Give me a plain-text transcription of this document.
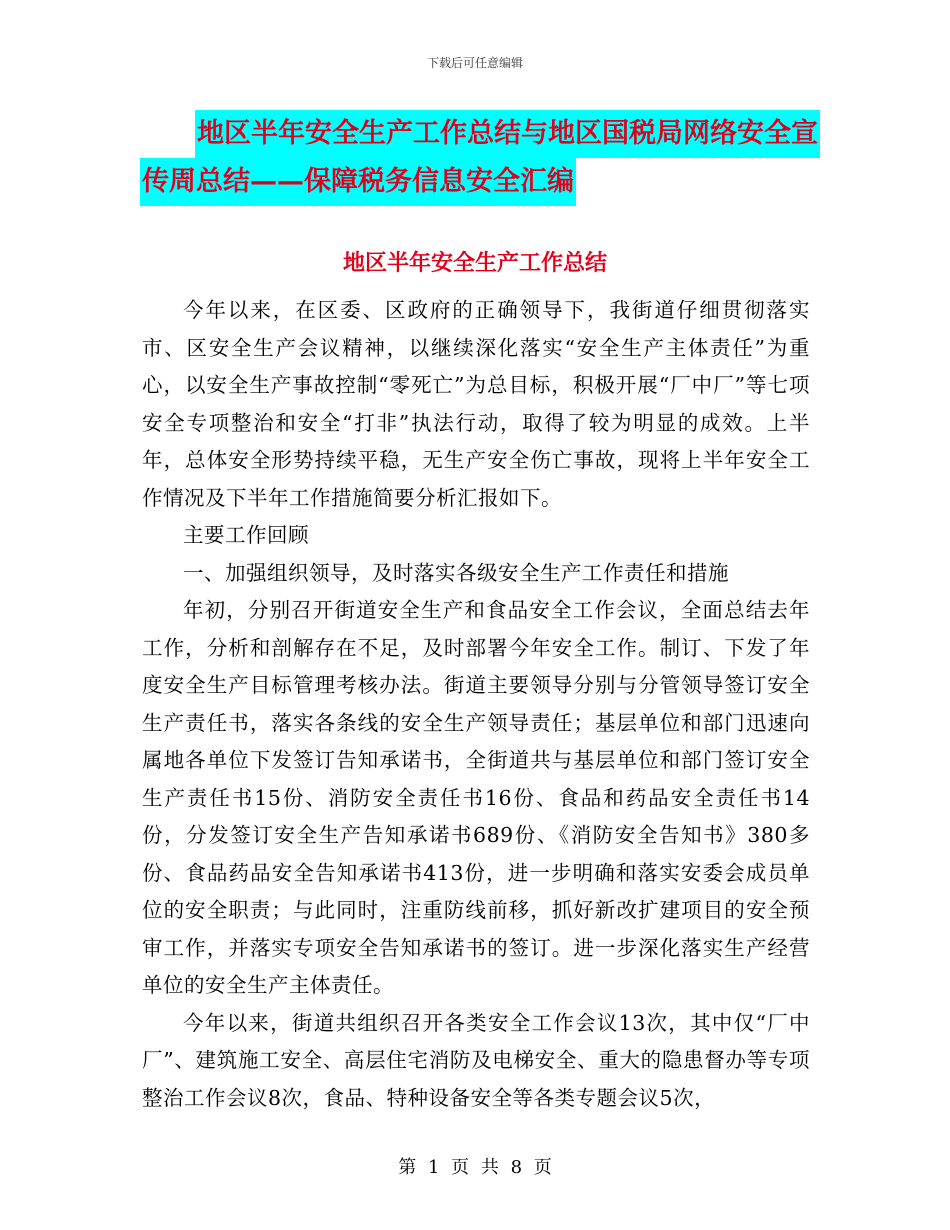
下载后可任意编辑
地区半年安全生产工作总结与地区国税局网络安全宣
传周总结——保障税务信息安全汇编
地区半年安全生产工作总结

今年以来，在区委、区政府的正确领导下，我街道仔细贯彻落实市、区安全生产会议精神，以继续深化落实“安全生产主体责任”为重心，以安全生产事故控制“零死亡”为总目标，积极开展“厂中厂”等七项安全专项整治和安全“打非”执法行动，取得了较为明显的成效。上半年，总体安全形势持续平稳，无生产安全伤亡事故，现将上半年安全工作情况及下半年工作措施简要分析汇报如下。

主要工作回顾

一、加强组织领导，及时落实各级安全生产工作责任和措施

年初，分别召开街道安全生产和食品安全工作会议，全面总结去年工作，分析和剖解存在不足，及时部署今年安全工作。制订、下发了年度安全生产目标管理考核办法。街道主要领导分别与分管领导签订安全生产责任书，落实各条线的安全生产领导责任；基层单位和部门迅速向属地各单位下发签订告知承诺书，全街道共与基层单位和部门签订安全生产责任书15份、消防安全责任书16份、食品和药品安全责任书14份，分发签订安全生产告知承诺书689份、《消防安全告知书》380多份、食品药品安全告知承诺书413份，进一步明确和落实安委会成员单位的安全职责；与此同时，注重防线前移，抓好新改扩建项目的安全预审工作，并落实专项安全告知承诺书的签订。进一步深化落实生产经营单位的安全生产主体责任。

今年以来，街道共组织召开各类安全工作会议13次，其中仅“厂中厂”、建筑施工安全、高层住宅消防及电梯安全、重大的隐患督办等专项整治工作会议8次，食品、特种设备安全等各类专题会议5次，

第 1 页 共 8 页
